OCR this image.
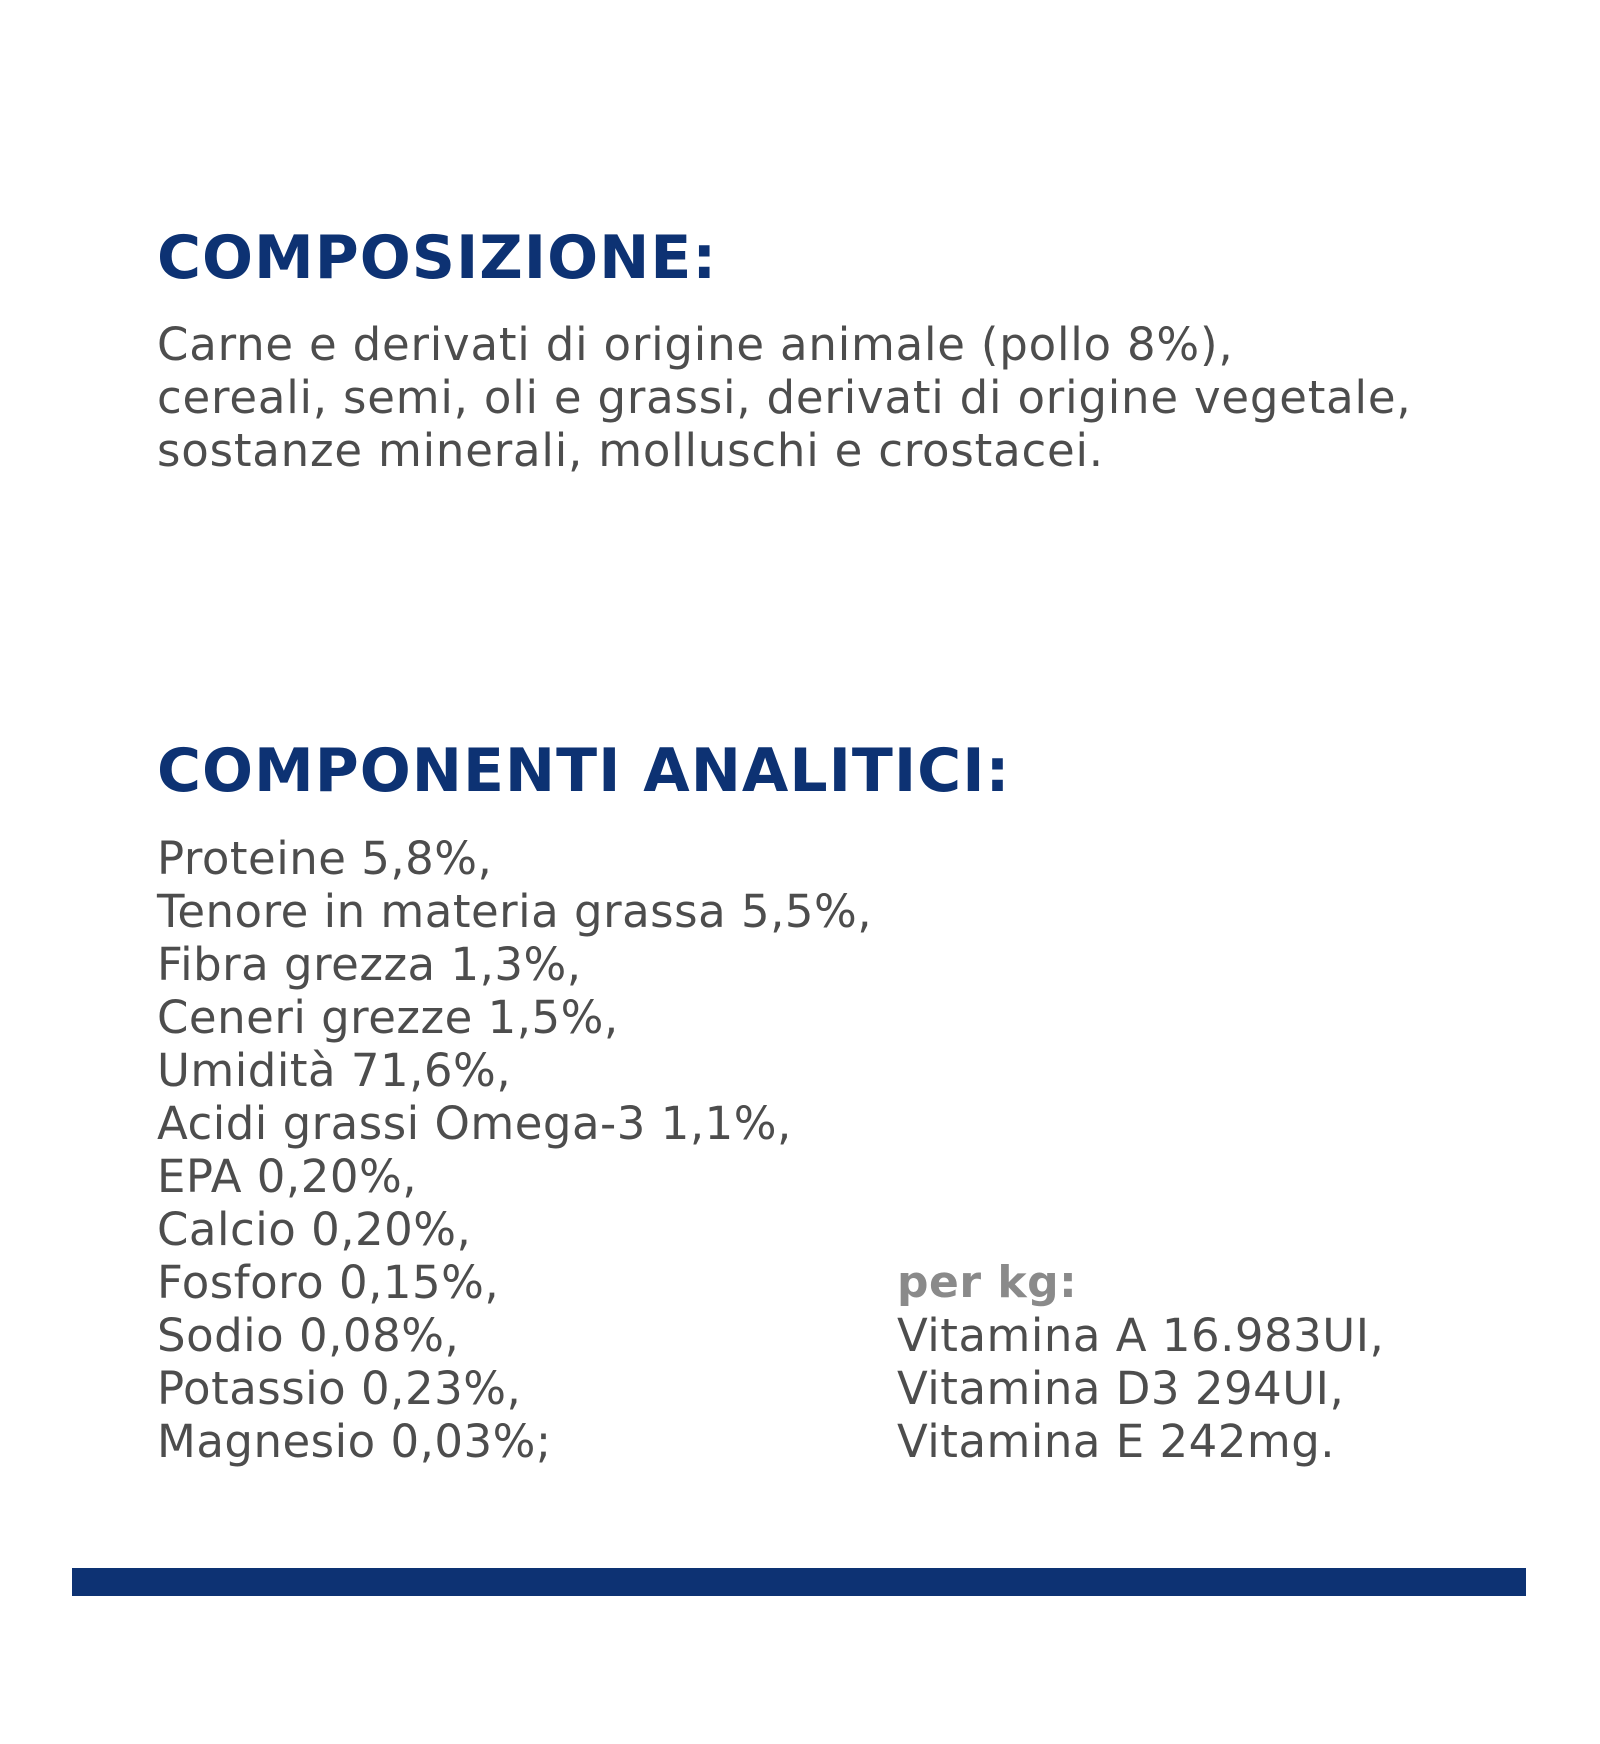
COMPOSIZIONE:

Carne e derivati di origine animale (pollo 8%),
cereali, semi, oli e grassi, derivati di origine vegetale,
sostanze minerali, molluschi e crostacei.

COMPONENTI ANALITICI:
Proteine 5,8%,
Tenore in materia grassa 5,5%,
Fibra grezza 1,3%,
Ceneri grezze 1,5%,
Umidità 71,6%,
Acidi grassi Omega-3 1,1%,
EPA 0,20%,
Calcio 0,20%,
Fosforo 0,15%,
Sodio 0,08%,
Potassio 0,23%,
Magnesio 0,03%;
per kg:
Vitamina A 16.983UI,
Vitamina D3 294UI,
Vitamina E 242mg.
